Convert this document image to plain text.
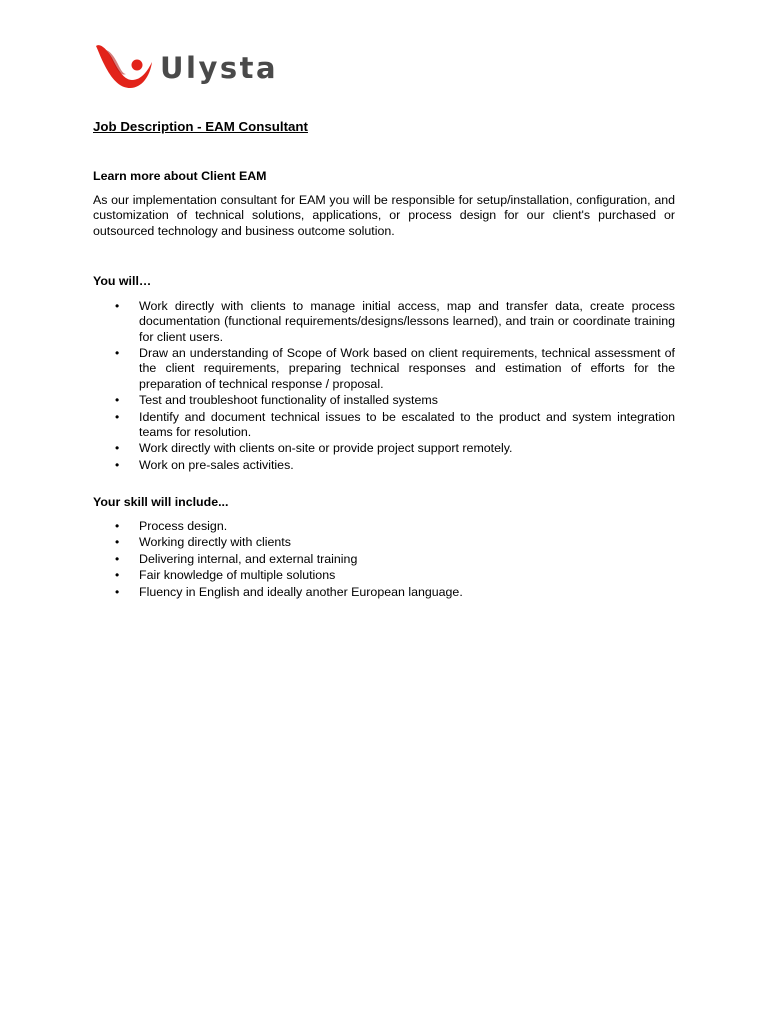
Ulysta
Job Description - EAM Consultant
Learn more about Client EAM
As our implementation consultant for EAM you will be responsible for setup/installation, configuration, and customization of technical solutions, applications, or process design for our client's purchased or outsourced technology and business outcome solution.
You will…
• Work directly with clients to manage initial access, map and transfer data, create process documentation (functional requirements/designs/lessons learned), and train or coordinate training for client users.
• Draw an understanding of Scope of Work based on client requirements, technical assessment of the client requirements, preparing technical responses and estimation of efforts for the preparation of technical response / proposal.
• Test and troubleshoot functionality of installed systems
• Identify and document technical issues to be escalated to the product and system integration teams for resolution.
• Work directly with clients on-site or provide project support remotely.
• Work on pre-sales activities.
Your skill will include...
• Process design.
• Working directly with clients
• Delivering internal, and external training
• Fair knowledge of multiple solutions
• Fluency in English and ideally another European language.
